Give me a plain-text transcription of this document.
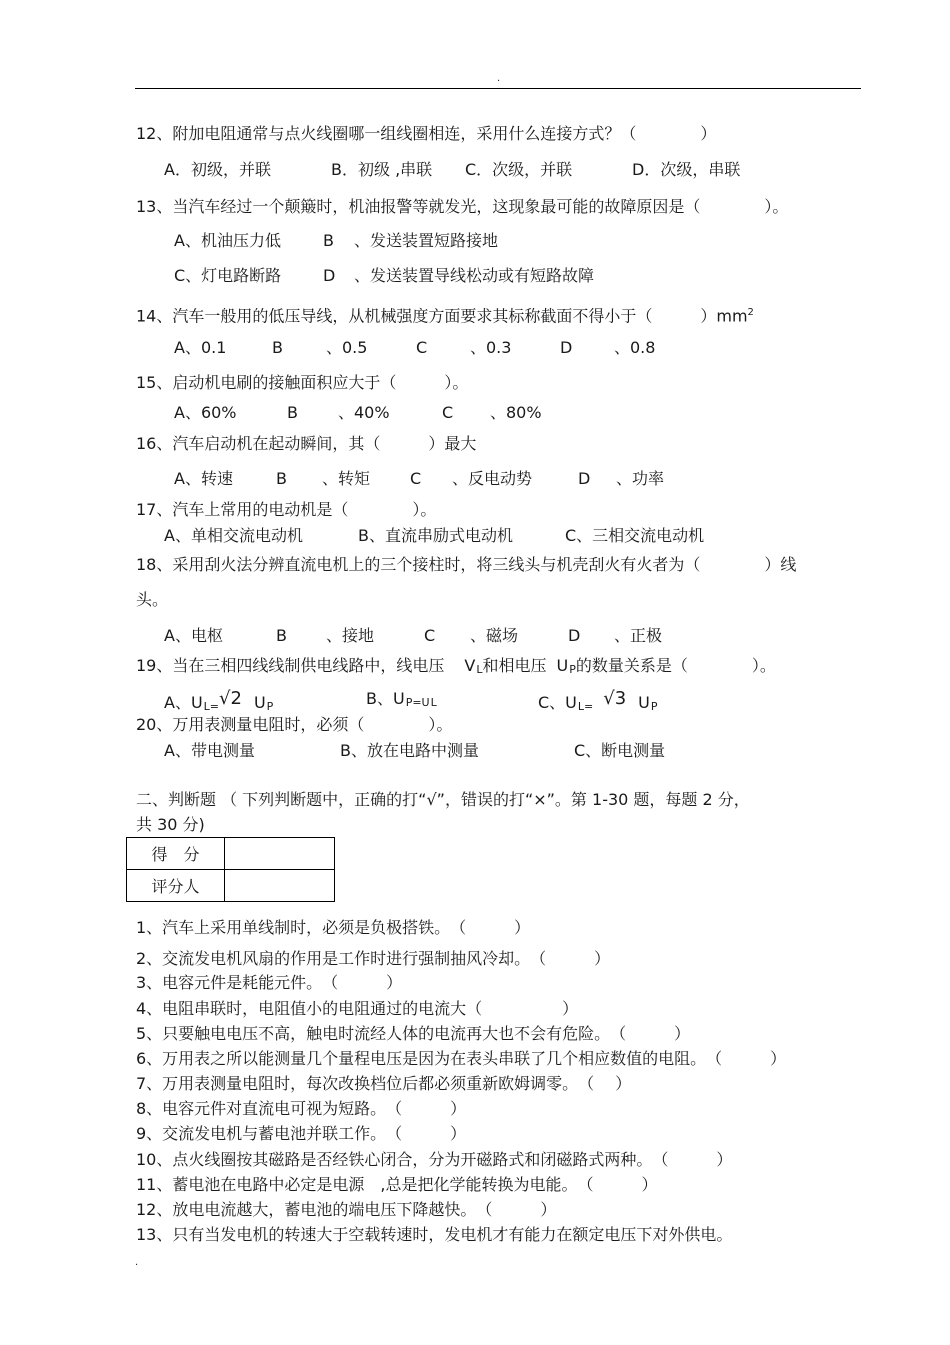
.
12、附加电阻通常与点火线圈哪一组线圈相连，采用什么连接方式？（　　　　）
A．初级，并联	B．初级 ,串联 C．次级，并联	D．次级，串联
13、当汽车经过一个颠簸时，机油报警等就发光，这现象最可能的故障原因是（　　　　）。
A、机油压力低	B 、发送装置短路接地
C、灯电路断路	D 、发送装置导线松动或有短路故障
14、汽车一般用的低压导线，从机械强度方面要求其标称截面不得小于（　　　）$mm^2$
A、0.1	B	、0.5	C	、0.3	D	、0.8
15、启动机电刷的接触面积应大于（　　　）。
A、60%	B	、40%	C 、80%
16、汽车启动机在起动瞬间，其（　　　）最大
A、转速	B 、转矩 C 、反电动势	D 、功率
17、汽车上常用的电动机是（　　　　）。
A、单相交流电动机	B、直流串励式电动机	C、三相交流电动机
18、采用刮火法分辨直流电机上的三个接柱时，将三线头与机壳刮火有火者为（　　　　）线
头。
A、电枢	B 、接地	C 、磁场	D 、正极
19、当在三相四线线制供电线路中，线电压 VL和相电压 UP的数量关系是（　　　　）。
A、UL=√2 UP	B、UP=UL	C、UL= √3 UP
20、万用表测量电阻时，必须（　　　　）。
A、带电测量	B、放在电路中测量	C、断电测量
二、判断题 （ 下列判断题中，正确的打“√”，错误的打“×”。第 1-30 题，每题 2 分，
共 30 分)
得　分	
评分人	
1、汽车上采用单线制时，必须是负极搭铁。　（　　　）
2、交流发电机风扇的作用是工作时进行强制抽风冷却。　（　　　）
3、电容元件是耗能元件。　（　　　）
4、电阻串联时，电阻值小的电阻通过的电流大（　　　　　）
5、只要触电电压不高，触电时流经人体的电流再大也不会有危险。　（　　　）
6、万用表之所以能测量几个量程电压是因为在表头串联了几个相应数值的电阻。　（　　　）
7、万用表测量电阻时，每次改换档位后都必须重新欧姆调零。　（　 ）
8、电容元件对直流电可视为短路。　（　　　）
9、交流发电机与蓄电池并联工作。　（　　　）
10、点火线圈按其磁路是否经铁心闭合，分为开磁路式和闭磁路式两种。　（　　　）
11、蓄电池在电路中必定是电源　,总是把化学能转换为电能。　（　　　）
12、放电电流越大，蓄电池的端电压下降越快。　（　　　）
13、只有当发电机的转速大于空载转速时，发电机才有能力在额定电压下对外供电。
.
